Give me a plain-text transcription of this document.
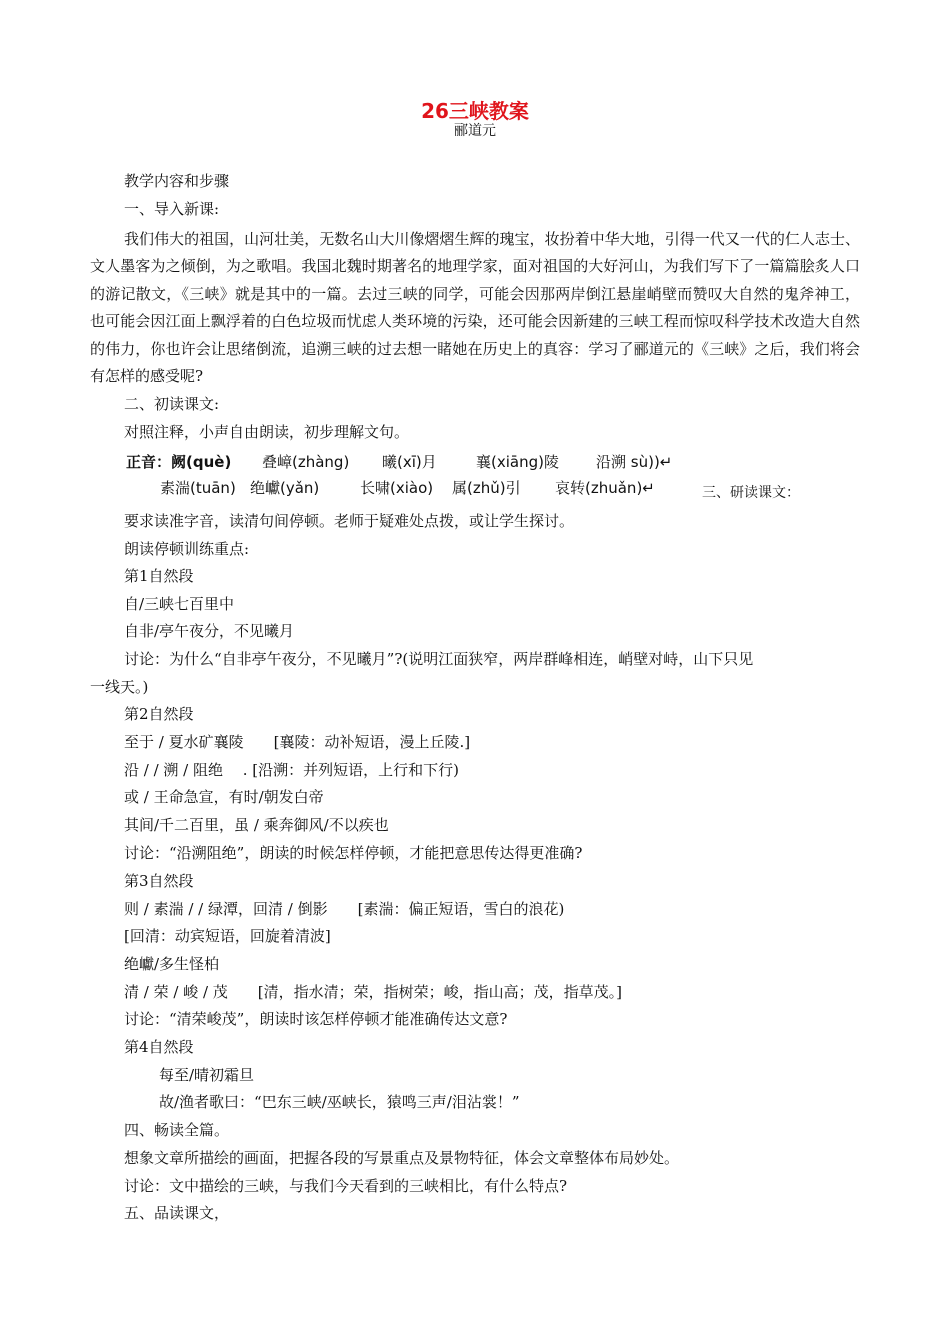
26三峡教案
郦道元
教学内容和步骤
一、导入新课:
我们伟大的祖国，山河壮美，无数名山大川像熠熠生辉的瑰宝，妆扮着中华大地，引得一代又一代的仁人志士、文人墨客为之倾倒，为之歌唱。我国北魏时期著名的地理学家，面对祖国的大好河山，为我们写下了一篇篇脍炙人口的游记散文，《三峡》就是其中的一篇。去过三峡的同学，可能会因那两岸倒江悬崖峭壁而赞叹大自然的鬼斧神工，也可能会因江面上飘浮着的白色垃圾而忧虑人类环境的污染，还可能会因新建的三峡工程而惊叹科学技术改造大自然的伟力，你也许会让思绪倒流，追溯三峡的过去想一睹她在历史上的真容：学习了郦道元的《三峡》之后，我们将会有怎样的感受呢?
二、初读课文:
对照注释，小声自由朗读，初步理解文句。
正音：阙(què) 叠嶂(zhàng) 曦(xī)月	襄(xiāng)陵 沿溯 sù))↵
素湍(tuān) 绝巘(yǎn)	长啸(xiào) 属(zhǔ)引 哀转(zhuǎn)↵	三、研读课文：
要求读准字音，读清句间停顿。老师于疑难处点拨，或让学生探讨。
朗读停顿训练重点:
第1自然段
自/三峡七百里中
自非/亭午夜分，不见曦月
讨论：为什么“自非亭午夜分，不见曦月”?(说明江面狭窄，两岸群峰相连，峭壁对峙，山下只见
一线天。)
第2自然段
至于 / 夏水矿襄陵　　[襄陵：动补短语，漫上丘陵.]
沿 / / 溯 / 阻绝　 . [沿溯：并列短语，上行和下行)
或 / 王命急宣，有时/朝发白帝
其间/千二百里，虽 / 乘奔御风/不以疾也
讨论：“沿溯阻绝”，朗读的时候怎样停顿，才能把意思传达得更准确?
第3自然段
则 / 素湍 / / 绿潭，回清 / 倒影　　[素湍：偏正短语，雪白的浪花)
[回清：动宾短语，回旋着清波]
绝巘/多生怪柏
清 / 荣 / 峻 / 茂　　[清，指水清；荣，指树荣；峻，指山高；茂，指草茂。]
讨论：“清荣峻茂”，朗读时该怎样停顿才能准确传达文意?
第4自然段
每至/晴初霜旦
故/渔者歌曰：“巴东三峡/巫峡长，猿鸣三声/泪沾裳！”
四、畅读全篇。
想象文章所描绘的画面，把握各段的写景重点及景物特征，体会文章整体布局妙处。
讨论：文中描绘的三峡，与我们今天看到的三峡相比，有什么特点?
五、品读课文，
